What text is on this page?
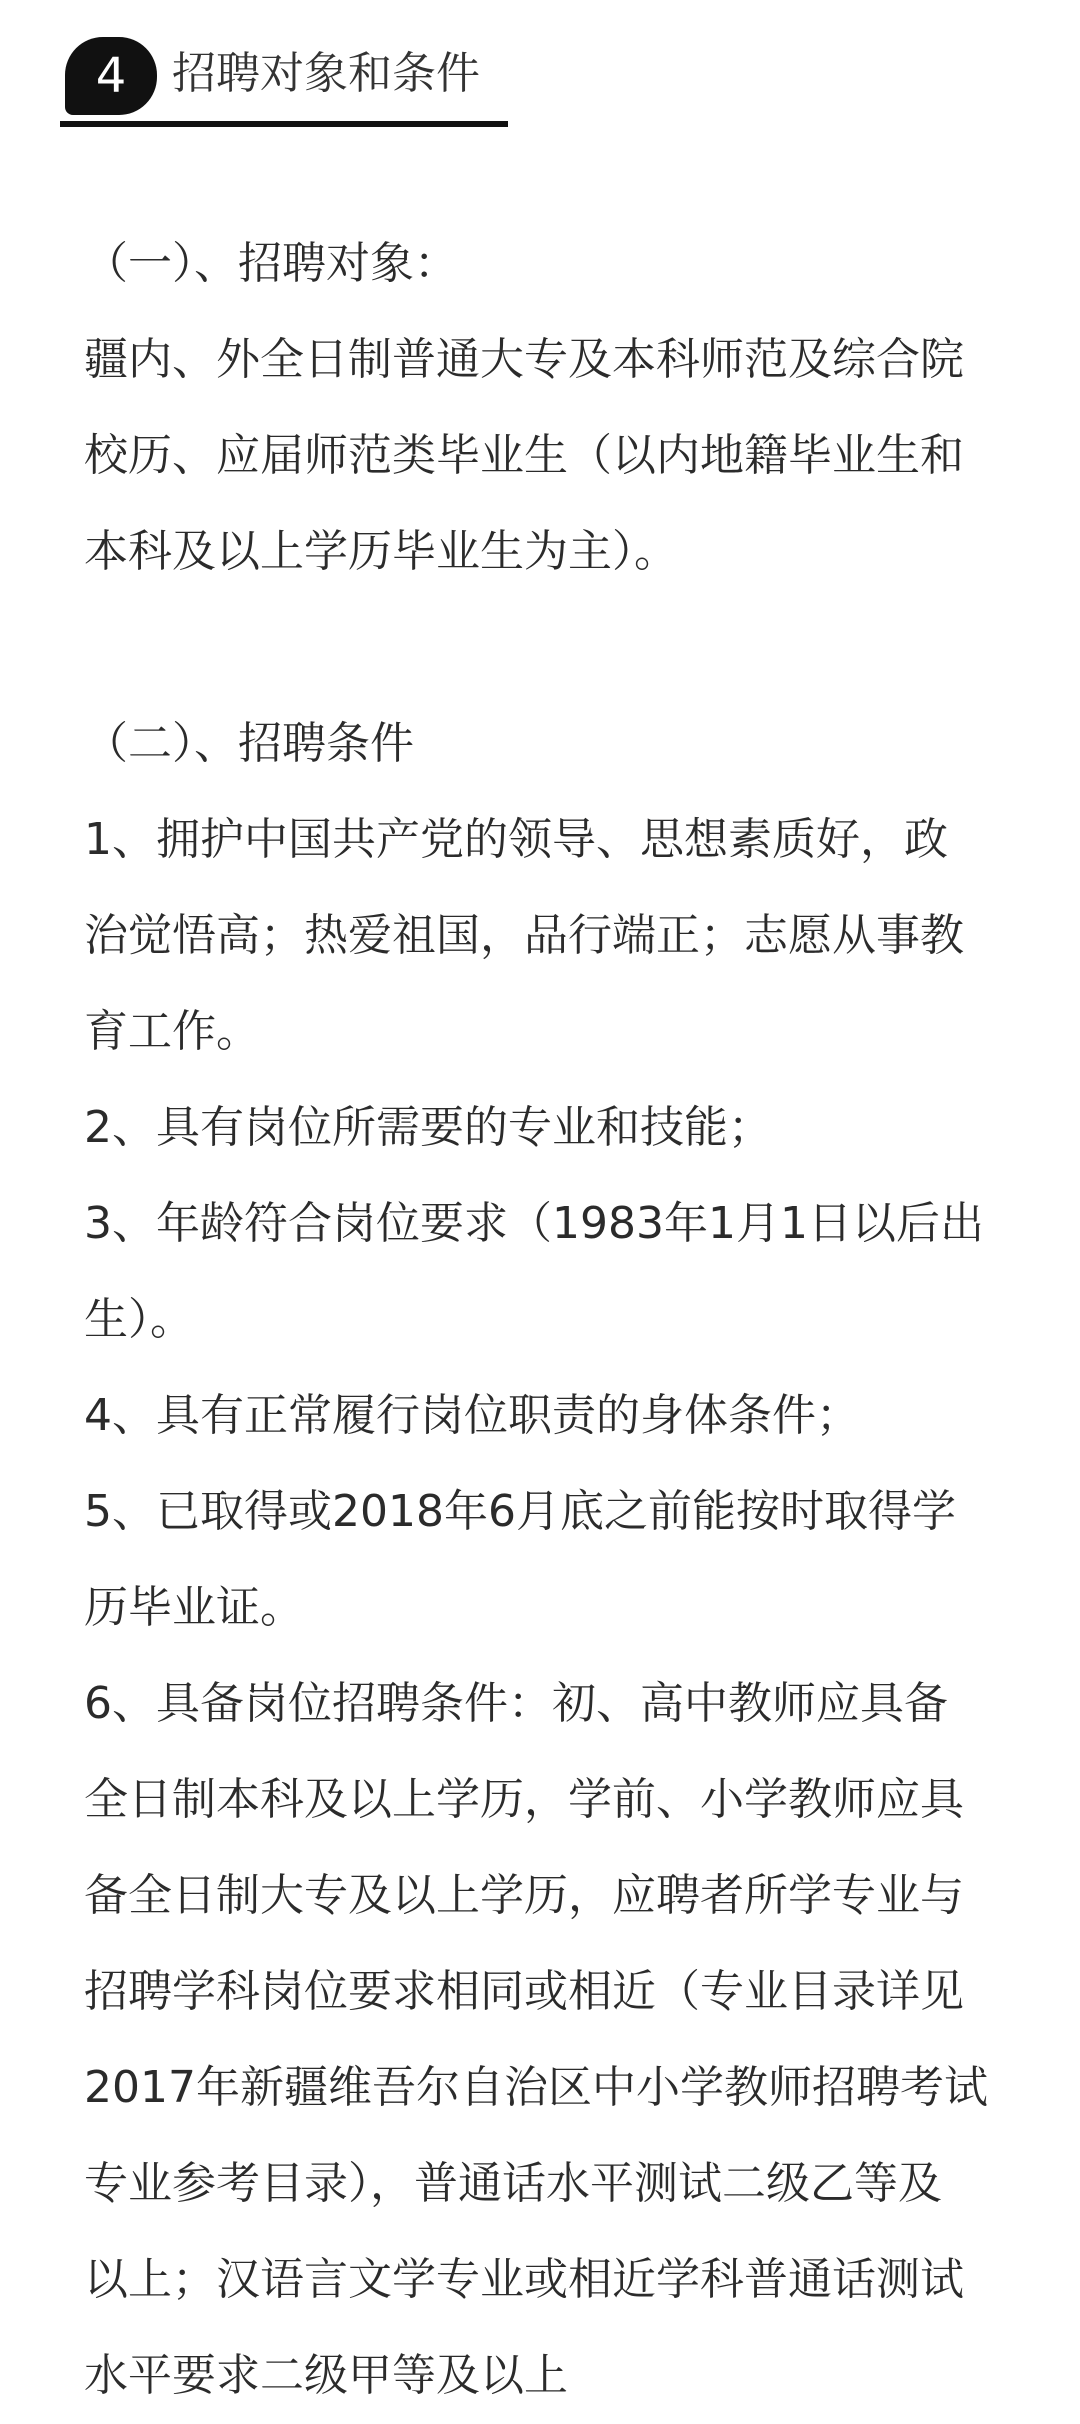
4	招聘对象和条件
（一）、招聘对象：
疆内、外全日制普通大专及本科师范及综合院
校历、应届师范类毕业生（以内地籍毕业生和
本科及以上学历毕业生为主）。
（二）、招聘条件
1、拥护中国共产党的领导、思想素质好，政
治觉悟高；热爱祖国，品行端正；志愿从事教
育工作。
2、具有岗位所需要的专业和技能；
3、年龄符合岗位要求（1983年1月1日以后出
生）。
4、具有正常履行岗位职责的身体条件；
5、已取得或2018年6月底之前能按时取得学
历毕业证。
6、具备岗位招聘条件：初、高中教师应具备
全日制本科及以上学历，学前、小学教师应具
备全日制大专及以上学历，应聘者所学专业与
招聘学科岗位要求相同或相近（专业目录详见
2017年新疆维吾尔自治区中小学教师招聘考试
专业参考目录），普通话水平测试二级乙等及
以上；汉语言文学专业或相近学科普通话测试
水平要求二级甲等及以上
